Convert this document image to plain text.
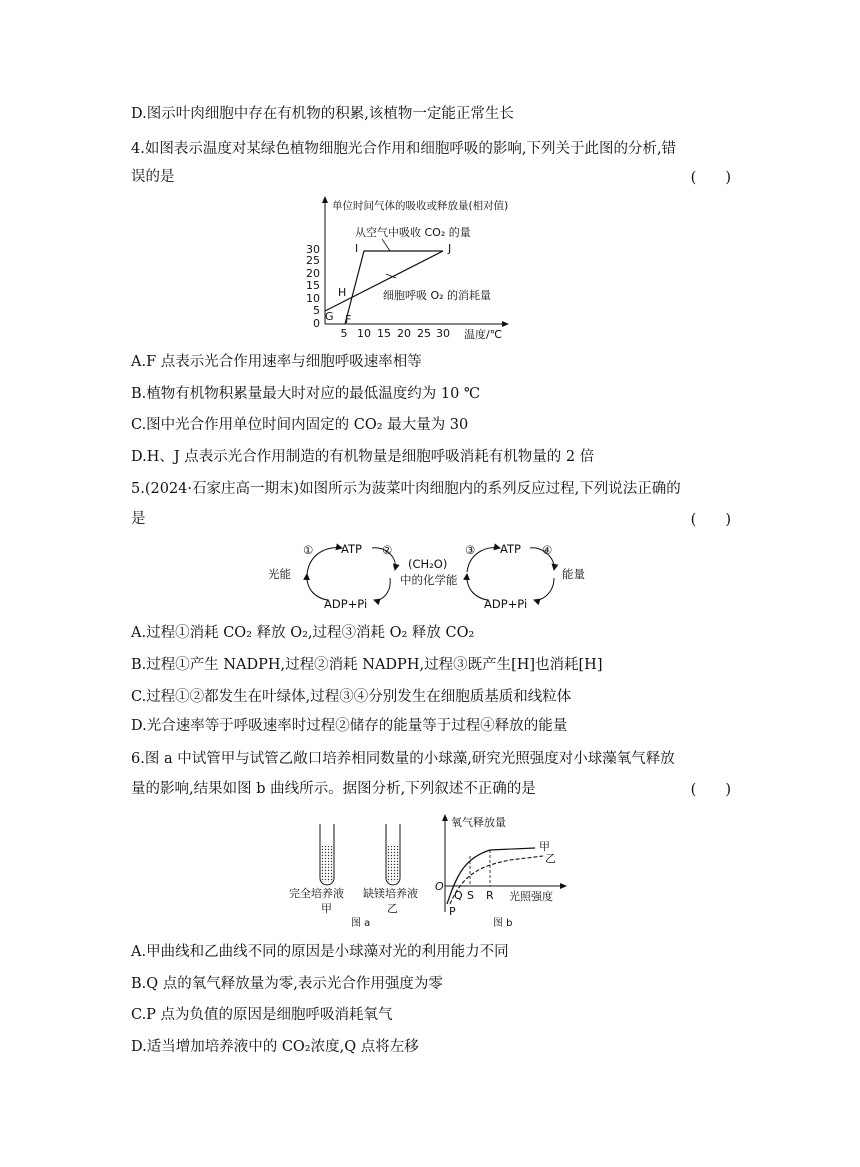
D.图示叶肉细胞中存在有机物的积累,该植物一定能正常生长
4.如图表示温度对某绿色植物细胞光合作用和细胞呼吸的影响,下列关于此图的分析,错
误的是	(　　)
单位时间气体的吸收或释放量(相对值)
温度/℃
0
5
10
15
20
25
30
5 10 15 20 25 30
从空气中吸收 CO₂ 的量
细胞呼吸 O₂ 的消耗量
G F
H
I	J
A.F 点表示光合作用速率与细胞呼吸速率相等
B.植物有机物积累量最大时对应的最低温度约为 10 ℃
C.图中光合作用单位时间内固定的 CO₂ 最大量为 30
D.H、J 点表示光合作用制造的有机物量是细胞呼吸消耗有机物量的 2 倍
5.(2024·石家庄高一期末)如图所示为菠菜叶肉细胞内的系列反应过程,下列说法正确的
是	(　　)
光能
① ATP ②
ADP+Pi
(CH₂O)
中的化学能
③ ATP ④
能量
ADP+Pi
A.过程①消耗 CO₂ 释放 O₂,过程③消耗 O₂ 释放 CO₂
B.过程①产生 NADPH,过程②消耗 NADPH,过程③既产生[H]也消耗[H]
C.过程①②都发生在叶绿体,过程③④分别发生在细胞质基质和线粒体
D.光合速率等于呼吸速率时过程②储存的能量等于过程④释放的能量
6.图 a 中试管甲与试管乙敞口培养相同数量的小球藻,研究光照强度对小球藻氧气释放
量的影响,结果如图 b 曲线所示。据图分析,下列叙述不正确的是	(　　)
完全培养液
甲
缺镁培养液
乙
图 a
氧气释放量
光照强度
O
Q S R
P
甲
乙
图 b
A.甲曲线和乙曲线不同的原因是小球藻对光的利用能力不同
B.Q 点的氧气释放量为零,表示光合作用强度为零
C.P 点为负值的原因是细胞呼吸消耗氧气
D.适当增加培养液中的 CO₂浓度,Q 点将左移
